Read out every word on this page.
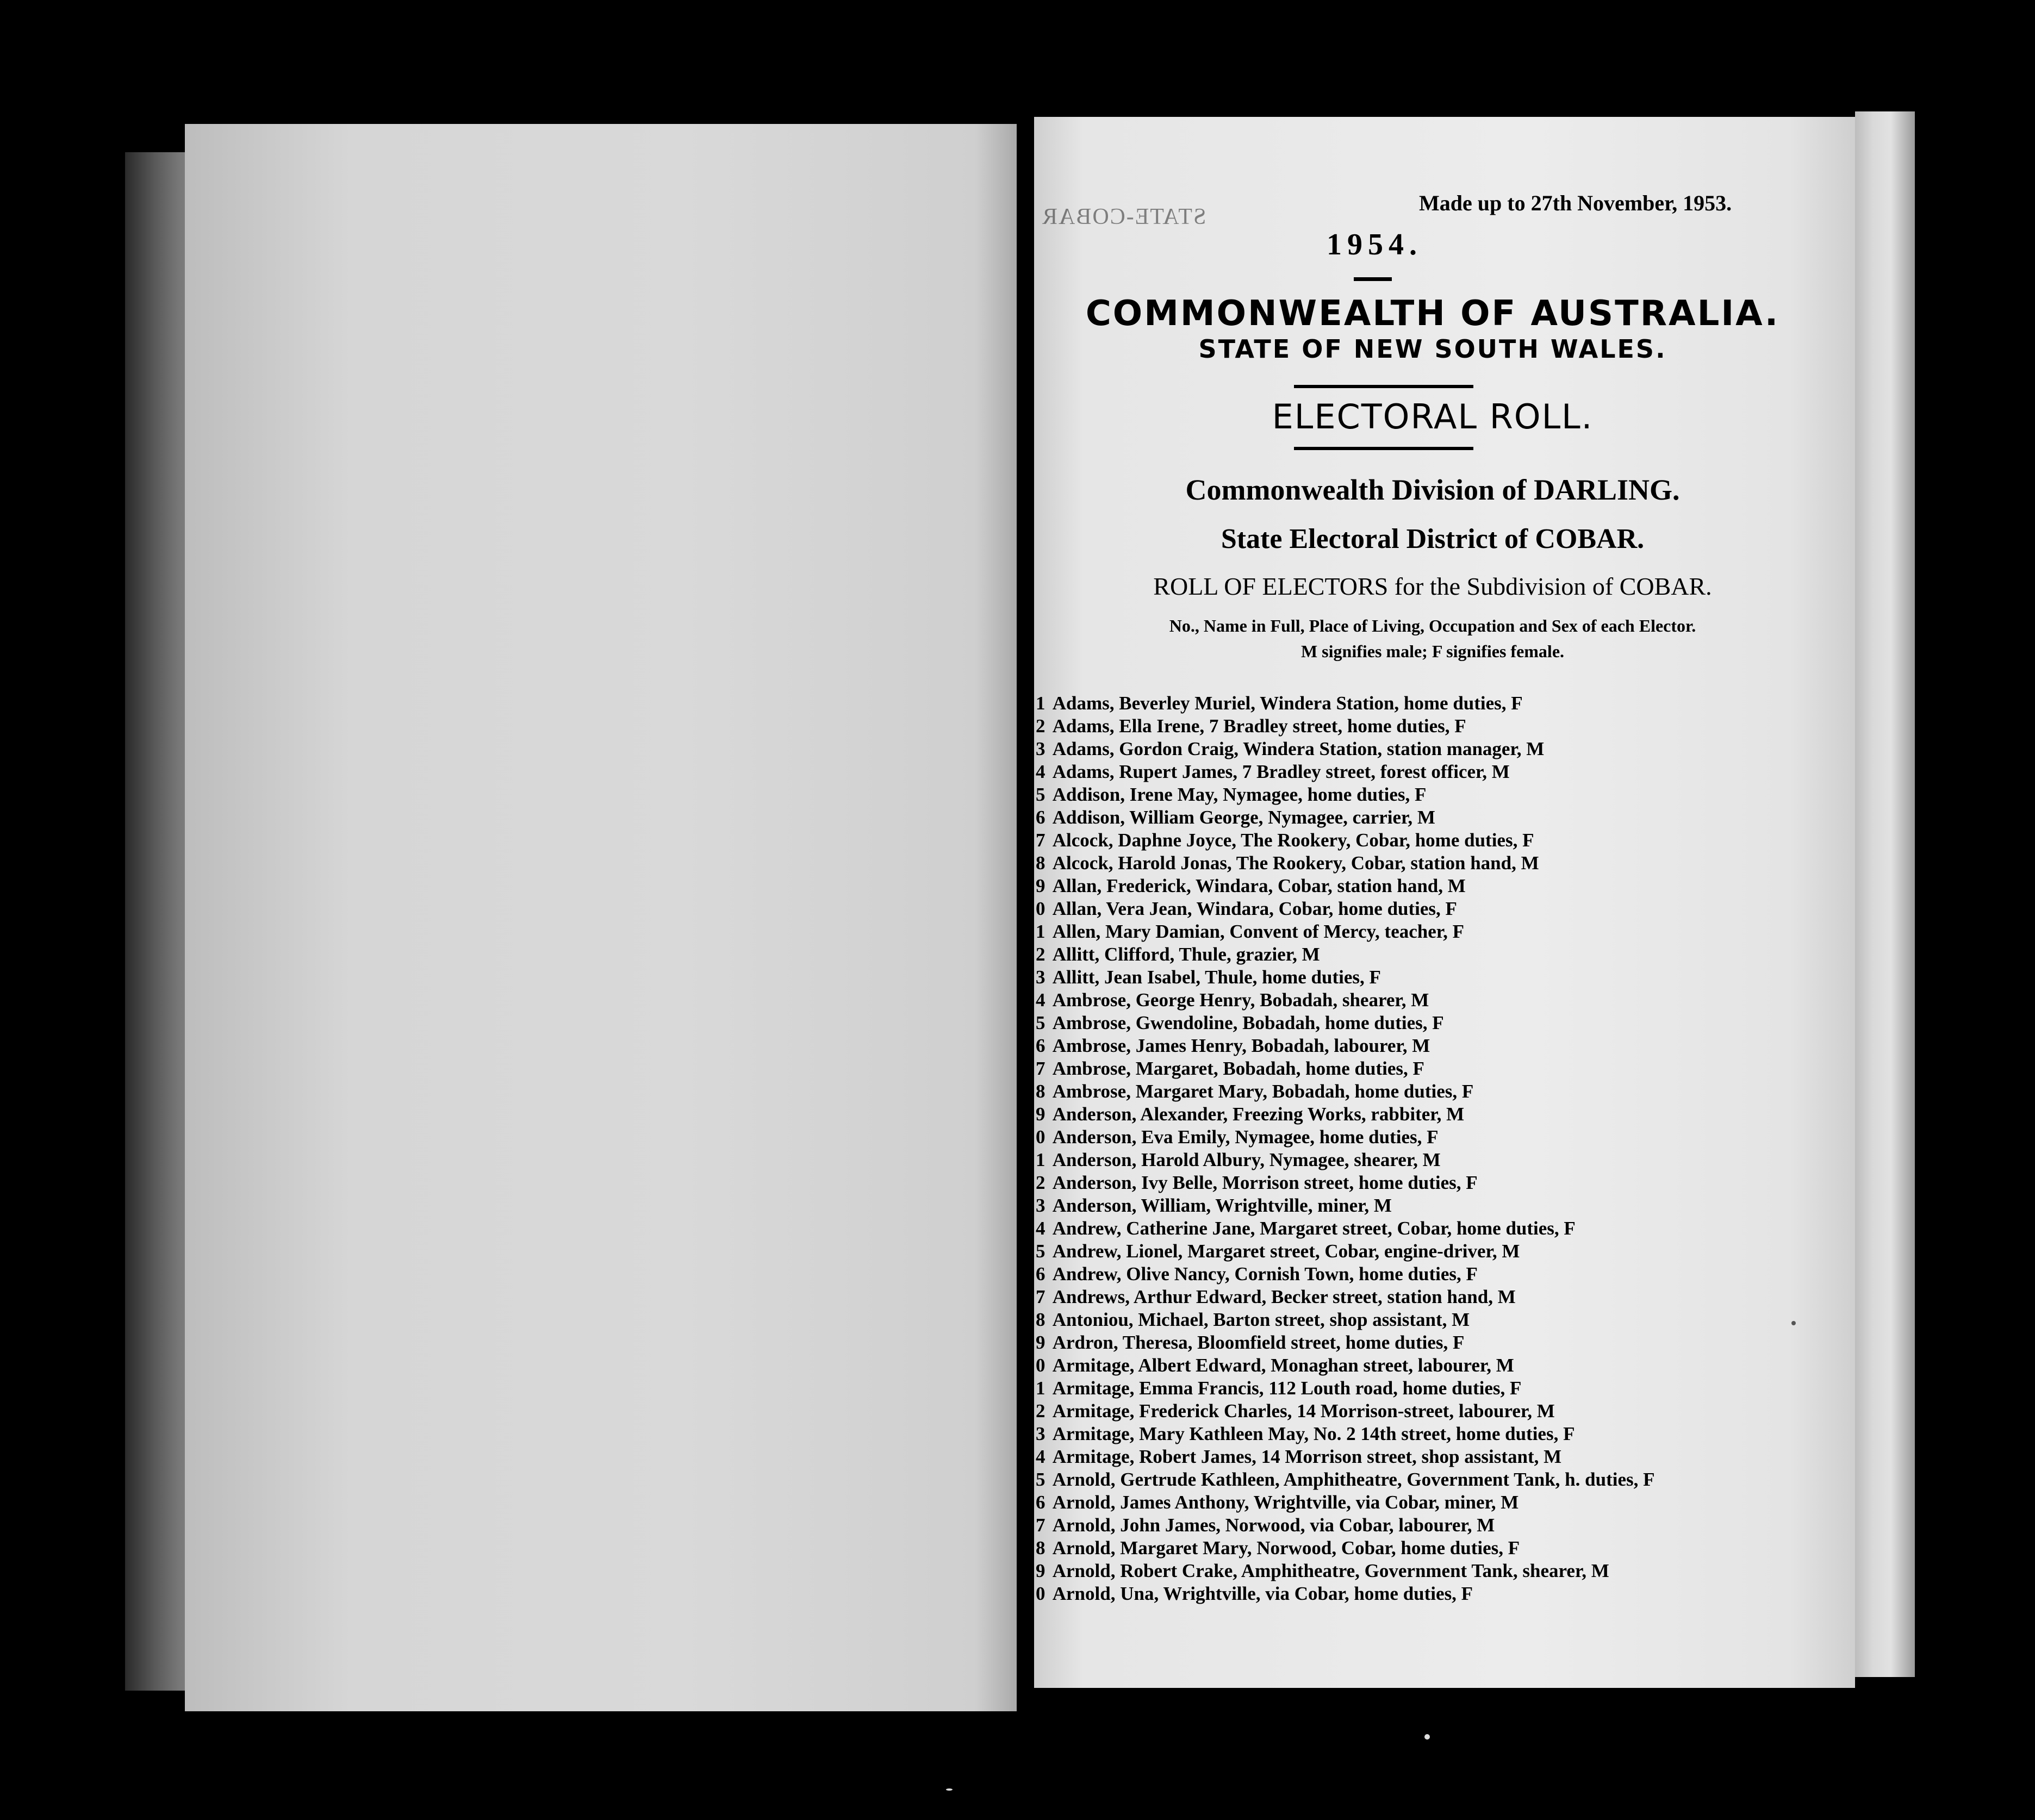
STATE-COBAR
Made up to 27th November, 1953.
1954.
COMMONWEALTH OF AUSTRALIA.
STATE OF NEW SOUTH WALES.
ELECTORAL ROLL.
Commonwealth Division of DARLING.
State Electoral District of COBAR.
ROLL OF ELECTORS for the Subdivision of COBAR.
No., Name in Full, Place of Living, Occupation and Sex of each Elector.
M signifies male; F signifies female.
1 Adams, Beverley Muriel, Windera Station, home duties, F
2 Adams, Ella Irene, 7 Bradley street, home duties, F
3 Adams, Gordon Craig, Windera Station, station manager, M
4 Adams, Rupert James, 7 Bradley street, forest officer, M
5 Addison, Irene May, Nymagee, home duties, F
6 Addison, William George, Nymagee, carrier, M
7 Alcock, Daphne Joyce, The Rookery, Cobar, home duties, F
8 Alcock, Harold Jonas, The Rookery, Cobar, station hand, M
9 Allan, Frederick, Windara, Cobar, station hand, M
0 Allan, Vera Jean, Windara, Cobar, home duties, F
1 Allen, Mary Damian, Convent of Mercy, teacher, F
2 Allitt, Clifford, Thule, grazier, M
3 Allitt, Jean Isabel, Thule, home duties, F
4 Ambrose, George Henry, Bobadah, shearer, M
5 Ambrose, Gwendoline, Bobadah, home duties, F
6 Ambrose, James Henry, Bobadah, labourer, M
7 Ambrose, Margaret, Bobadah, home duties, F
8 Ambrose, Margaret Mary, Bobadah, home duties, F
9 Anderson, Alexander, Freezing Works, rabbiter, M
0 Anderson, Eva Emily, Nymagee, home duties, F
1 Anderson, Harold Albury, Nymagee, shearer, M
2 Anderson, Ivy Belle, Morrison street, home duties, F
3 Anderson, William, Wrightville, miner, M
4 Andrew, Catherine Jane, Margaret street, Cobar, home duties, F
5 Andrew, Lionel, Margaret street, Cobar, engine-driver, M
6 Andrew, Olive Nancy, Cornish Town, home duties, F
7 Andrews, Arthur Edward, Becker street, station hand, M
8 Antoniou, Michael, Barton street, shop assistant, M
9 Ardron, Theresa, Bloomfield street, home duties, F
0 Armitage, Albert Edward, Monaghan street, labourer, M
1 Armitage, Emma Francis, 112 Louth road, home duties, F
2 Armitage, Frederick Charles, 14 Morrison-street, labourer, M
3 Armitage, Mary Kathleen May, No. 2 14th street, home duties, F
4 Armitage, Robert James, 14 Morrison street, shop assistant, M
5 Arnold, Gertrude Kathleen, Amphitheatre, Government Tank, h. duties, F
6 Arnold, James Anthony, Wrightville, via Cobar, miner, M
7 Arnold, John James, Norwood, via Cobar, labourer, M
8 Arnold, Margaret Mary, Norwood, Cobar, home duties, F
9 Arnold, Robert Crake, Amphitheatre, Government Tank, shearer, M
0 Arnold, Una, Wrightville, via Cobar, home duties, F
